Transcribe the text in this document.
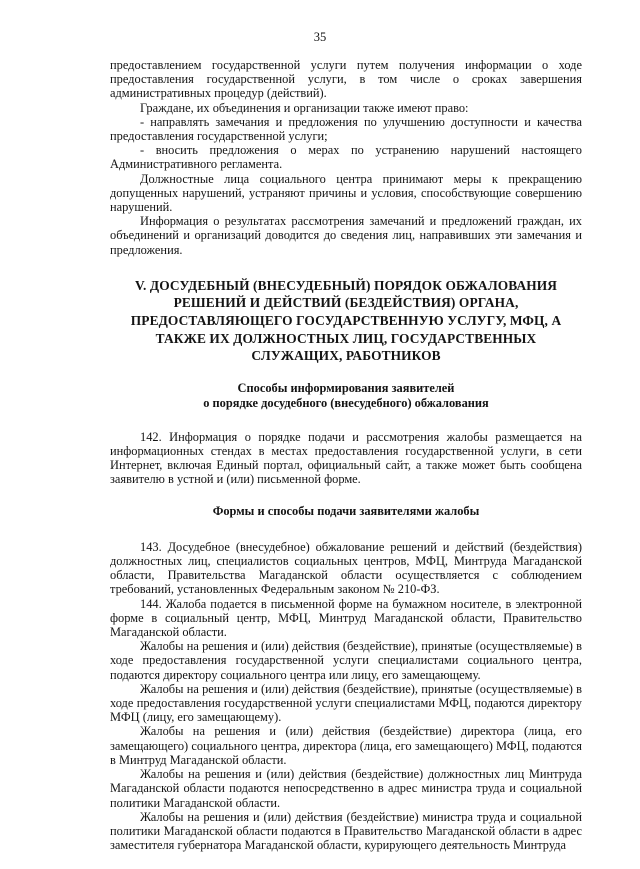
35

предоставлением государственной услуги путем получения информации о ходе предоставления государственной услуги, в том числе о сроках завершения административных процедур (действий).

Граждане, их объединения и организации также имеют право:

- направлять замечания и предложения по улучшению доступности и качества предоставления государственной услуги;

- вносить предложения о мерах по устранению нарушений настоящего Административного регламента.

Должностные лица социального центра принимают меры к прекращению допущенных нарушений, устраняют причины и условия, способствующие совершению нарушений.

Информация о результатах рассмотрения замечаний и предложений граждан, их объединений и организаций доводится до сведения лиц, направивших эти замечания и предложения.

V. ДОСУДЕБНЫЙ (ВНЕСУДЕБНЫЙ) ПОРЯДОК ОБЖАЛОВАНИЯ РЕШЕНИЙ И ДЕЙСТВИЙ (БЕЗДЕЙСТВИЯ) ОРГАНА, ПРЕДОСТАВЛЯЮЩЕГО ГОСУДАРСТВЕННУЮ УСЛУГУ, МФЦ, А ТАКЖЕ ИХ ДОЛЖНОСТНЫХ ЛИЦ, ГОСУДАРСТВЕННЫХ СЛУЖАЩИХ, РАБОТНИКОВ
Способы информирования заявителей
о порядке досудебного (внесудебного) обжалования

142. Информация о порядке подачи и рассмотрения жалобы размещается на информационных стендах в местах предоставления государственной услуги, в сети Интернет, включая Единый портал, официальный сайт, а также может быть сообщена заявителю в устной и (или) письменной форме.

Формы и способы подачи заявителями жалобы

143. Досудебное (внесудебное) обжалование решений и действий (бездействия) должностных лиц, специалистов социальных центров, МФЦ, Минтруда Магаданской области, Правительства Магаданской области осуществляется с соблюдением требований, установленных Федеральным законом № 210-ФЗ.

144. Жалоба подается в письменной форме на бумажном носителе, в электронной форме в социальный центр, МФЦ, Минтруд Магаданской области, Правительство Магаданской области.

Жалобы на решения и (или) действия (бездействие), принятые (осуществляемые) в ходе предоставления государственной услуги специалистами социального центра, подаются директору социального центра или лицу, его замещающему.

Жалобы на решения и (или) действия (бездействие), принятые (осуществляемые) в ходе предоставления государственной услуги специалистами МФЦ, подаются директору МФЦ (лицу, его замещающему).

Жалобы на решения и (или) действия (бездействие) директора (лица, его замещающего) социального центра, директора (лица, его замещающего) МФЦ, подаются в Минтруд Магаданской области.

Жалобы на решения и (или) действия (бездействие) должностных лиц Минтруда Магаданской области подаются непосредственно в адрес министра труда и социальной политики Магаданской области.

Жалобы на решения и (или) действия (бездействие) министра труда и социальной политики Магаданской области подаются в Правительство Магаданской области в адрес заместителя губернатора Магаданской области, курирующего деятельность Минтруда
